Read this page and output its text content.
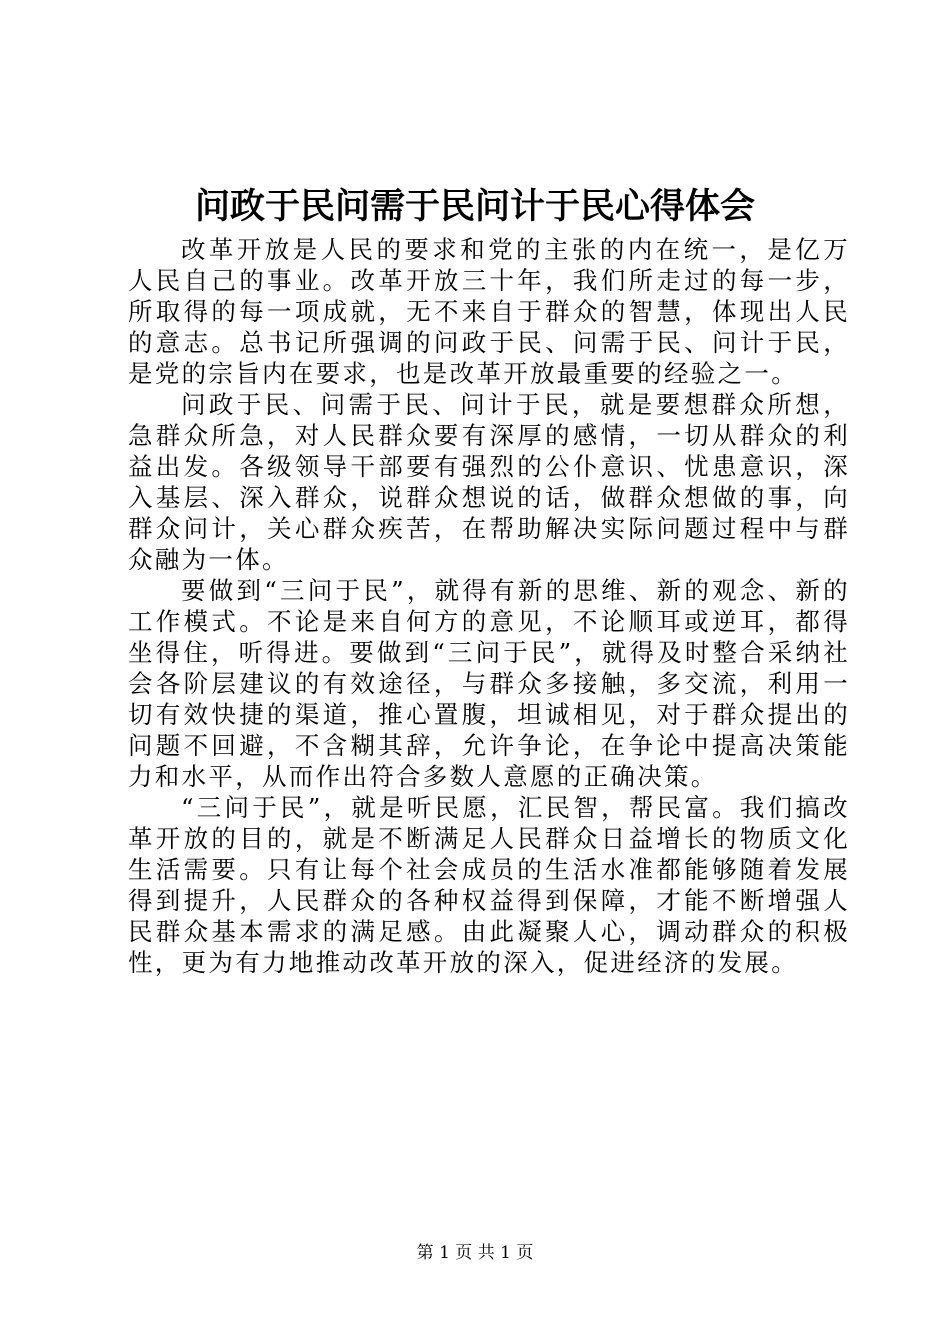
问政于民问需于民问计于民心得体会

改革开放是人民的要求和党的主张的内在统一，是亿万人民自己的事业。改革开放三十年，我们所走过的每一步，所取得的每一项成就，无不来自于群众的智慧，体现出人民的意志。总书记所强调的问政于民、问需于民、问计于民，是党的宗旨内在要求，也是改革开放最重要的经验之一。

问政于民、问需于民、问计于民，就是要想群众所想，急群众所急，对人民群众要有深厚的感情，一切从群众的利益出发。各级领导干部要有强烈的公仆意识、忧患意识，深入基层、深入群众，说群众想说的话，做群众想做的事，向群众问计，关心群众疾苦，在帮助解决实际问题过程中与群众融为一体。

要做到“三问于民”，就得有新的思维、新的观念、新的工作模式。不论是来自何方的意见，不论顺耳或逆耳，都得坐得住，听得进。要做到“三问于民”，就得及时整合采纳社会各阶层建议的有效途径，与群众多接触，多交流，利用一切有效快捷的渠道，推心置腹，坦诚相见，对于群众提出的问题不回避，不含糊其辞，允许争论，在争论中提高决策能力和水平，从而作出符合多数人意愿的正确决策。

“三问于民”，就是听民愿，汇民智，帮民富。我们搞改革开放的目的，就是不断满足人民群众日益增长的物质文化生活需要。只有让每个社会成员的生活水准都能够随着发展得到提升，人民群众的各种权益得到保障，才能不断增强人民群众基本需求的满足感。由此凝聚人心，调动群众的积极性，更为有力地推动改革开放的深入，促进经济的发展。

第 1 页 共 1 页
